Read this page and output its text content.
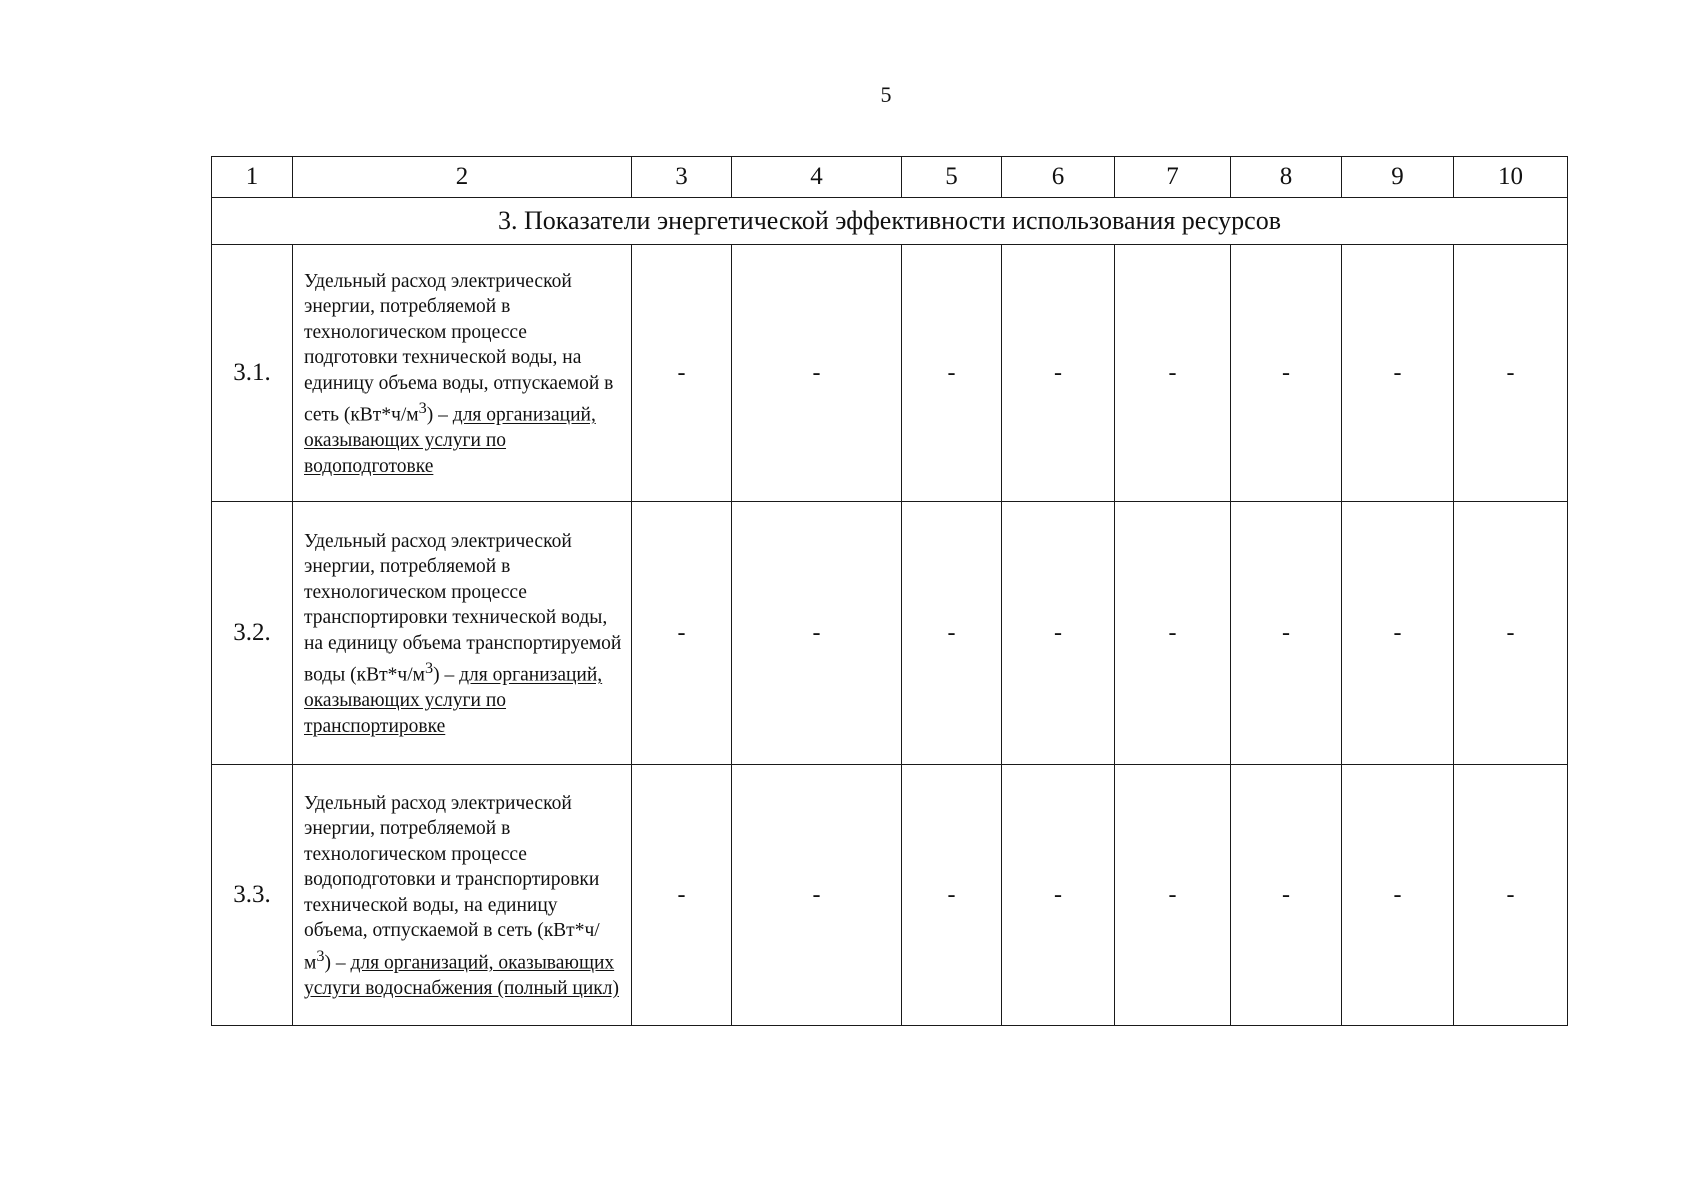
5
1	2	3	4	5	6	7	8	9	10
3. Показатели энергетической эффективности использования ресурсов									
3.1.	Удельный расход электрической энергии, потребляемой в технологическом процессе подготовки технической воды, на единицу объема воды, отпускаемой в сеть $(кВт*ч/м^3)$ – для организаций, оказывающих услуги по водоподготовке	-	-	-	-	-	-	-	-
3.2.	Удельный расход электрической энергии, потребляемой в технологическом процессе транспортировки технической воды, на единицу объема транспортируемой воды $(кВт*ч/м^3)$ – для организаций, оказывающих услуги по транспортировке	-	-	-	-	-	-	-	-
3.3.	Удельный расход электрической энергии, потребляемой в технологическом процессе водоподготовки и транспортировки технической воды, на единицу объема, отпускаемой в сеть $(кВт*ч/м^3)$ – для организаций, оказывающих услуги водоснабжения (полный цикл)	-	-	-	-	-	-	-	-
